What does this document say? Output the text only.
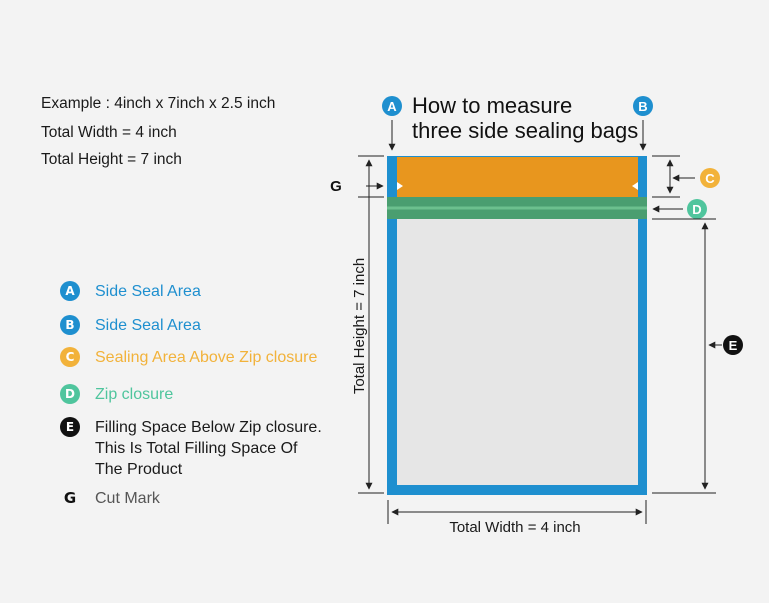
Example : 4inch x 7inch x 2.5 inch
Total Width = 4 inch
Total Height = 7 inch
How to measure
three side sealing bags
A	Side Seal Area
B	Side Seal Area
C	Sealing Area Above Zip closure
D	Zip closure
E	Filling Space Below Zip closure.
This Is Total Filling Space Of
The Product
G Cut Mark
Total Height = 7 inch
G
Total Width = 4 inch
A	B
C
D
E
